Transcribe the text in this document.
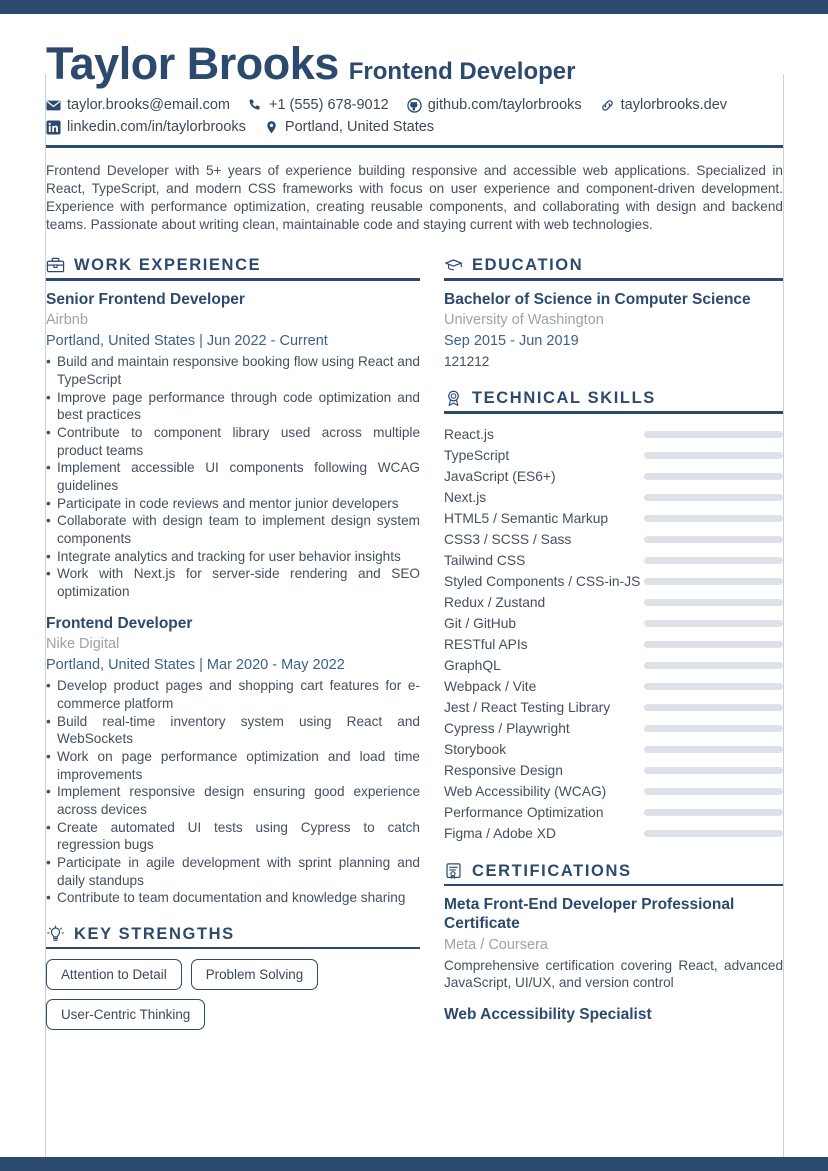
Taylor Brooks Frontend Developer
taylor.brooks@email.com	+1 (555) 678-9012	github.com/taylorbrooks	taylorbrooks.dev
linkedin.com/in/taylorbrooks	Portland, United States
Frontend Developer with 5+ years of experience building responsive and accessible web applications. Specialized in React, TypeScript, and modern CSS frameworks with focus on user experience and component-driven development. Experience with performance optimization, creating reusable components, and collaborating with design and backend teams. Passionate about writing clean, maintainable code and staying current with web technologies.
WORK EXPERIENCE
Senior Frontend Developer
Airbnb
Portland, United States | Jun 2022 - Current
• Build and maintain responsive booking flow using React and TypeScript
• Improve page performance through code optimization and best practices
• Contribute to component library used across multiple product teams
• Implement accessible UI components following WCAG guidelines
• Participate in code reviews and mentor junior developers
• Collaborate with design team to implement design system components
• Integrate analytics and tracking for user behavior insights
• Work with Next.js for server-side rendering and SEO optimization
Frontend Developer
Nike Digital
Portland, United States | Mar 2020 - May 2022
• Develop product pages and shopping cart features for e-commerce platform
• Build real-time inventory system using React and WebSockets
• Work on page performance optimization and load time improvements
• Implement responsive design ensuring good experience across devices
• Create automated UI tests using Cypress to catch regression bugs
• Participate in agile development with sprint planning and daily standups
• Contribute to team documentation and knowledge sharing
KEY STRENGTHS
Attention to Detail	Problem Solving
User-Centric Thinking
EDUCATION
Bachelor of Science in Computer Science
University of Washington
Sep 2015 - Jun 2019
121212
TECHNICAL SKILLS
React.js
TypeScript
JavaScript (ES6+)
Next.js
HTML5 / Semantic Markup
CSS3 / SCSS / Sass
Tailwind CSS
Styled Components / CSS-in-JS
Redux / Zustand
Git / GitHub
RESTful APIs
GraphQL
Webpack / Vite
Jest / React Testing Library
Cypress / Playwright
Storybook
Responsive Design
Web Accessibility (WCAG)
Performance Optimization
Figma / Adobe XD
CERTIFICATIONS
Meta Front-End Developer Professional Certificate
Meta / Coursera
Comprehensive certification covering React, advanced JavaScript, UI/UX, and version control
Web Accessibility Specialist
